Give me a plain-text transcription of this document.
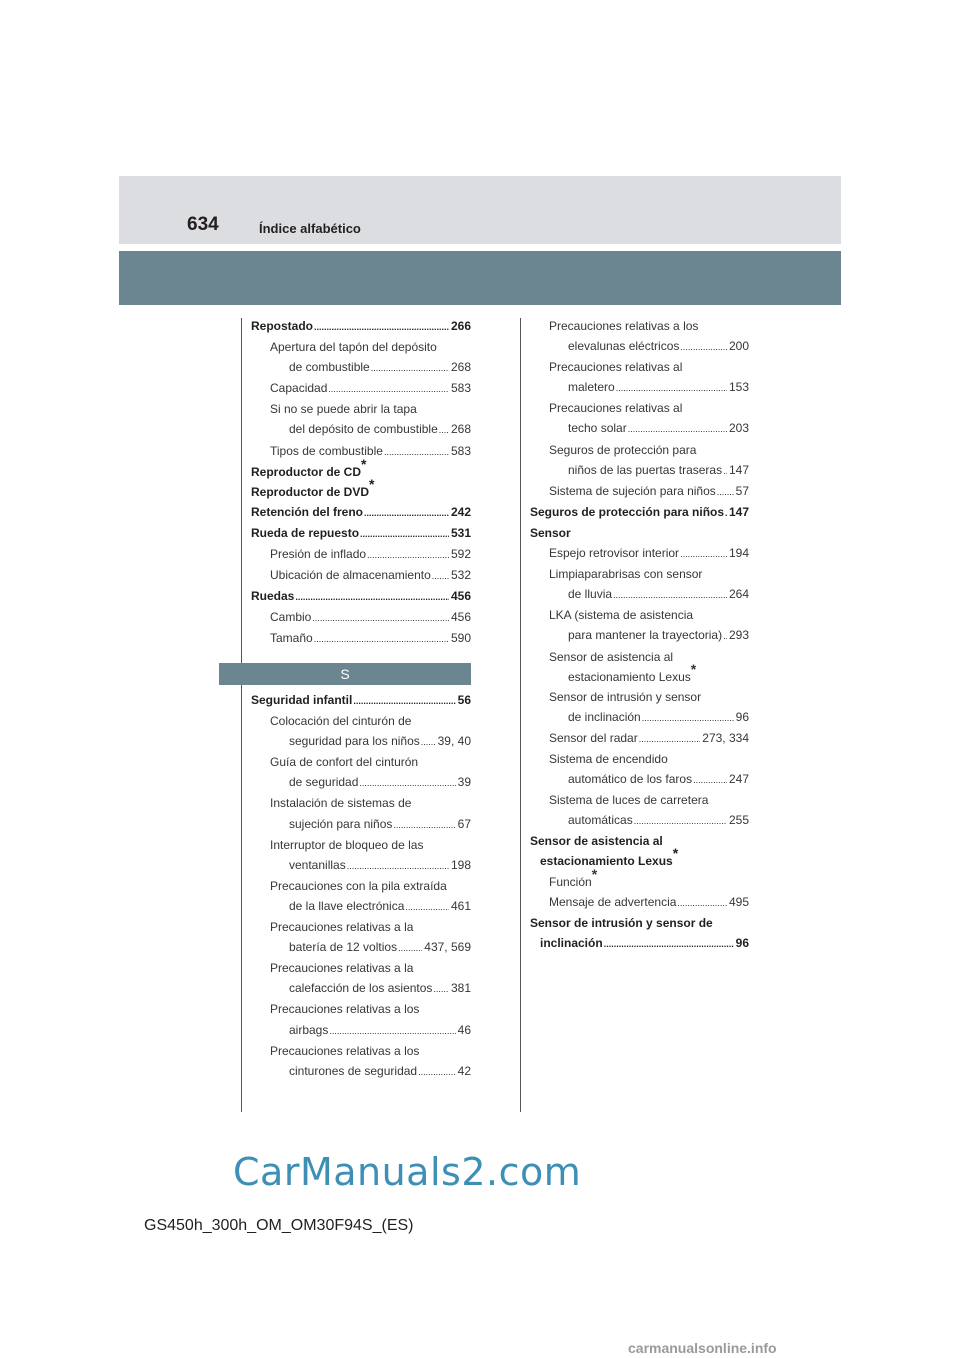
634	Índice alfabético
Repostado .....	266
Apertura del tapón del depósito
de combustible .....	268
Capacidad .....	583
Si no se puede abrir la tapa
del depósito de combustible ..... 268
Tipos de combustible .....	583
Reproductor de CD*
Reproductor de DVD*
Retención del freno .....	242
Rueda de repuesto .....	531
Presión de inflado .....	592
Ubicación de almacenamiento ..... 532
Ruedas .....	456
Cambio .....	456
Tamaño .....	590
S
Seguridad infantil .....	56
Colocación del cinturón de
seguridad para los niños ..... 39, 40
Guía de confort del cinturón
de seguridad .....	39
Instalación de sistemas de
sujeción para niños .....	67
Interruptor de bloqueo de las
ventanillas .....	198
Precauciones con la pila extraída
de la llave electrónica .....	461
Precauciones relativas a la
batería de 12 voltios ..... 437, 569
Precauciones relativas a la
calefacción de los asientos ..... 381
Precauciones relativas a los
airbags .....	46
Precauciones relativas a los
cinturones de seguridad .....	42
Precauciones relativas a los
elevalunas eléctricos .....	200
Precauciones relativas al
maletero .....	153
Precauciones relativas al
techo solar .....	203
Seguros de protección para
niños de las puertas traseras ..... 147
Sistema de sujeción para niños ..... 57
Seguros de protección para niños ..... 147
Sensor
Espejo retrovisor interior .....	194
Limpiaparabrisas con sensor
de lluvia .....	264
LKA (sistema de asistencia
para mantener la trayectoria) ..... 293
Sensor de asistencia al
estacionamiento Lexus*
Sensor de intrusión y sensor
de inclinación .....	96
Sensor del radar .....	273, 334
Sistema de encendido
automático de los faros .....	247
Sistema de luces de carretera
automáticas .....	255
Sensor de asistencia al
estacionamiento Lexus*
Función*
Mensaje de advertencia .....	495
Sensor de intrusión y sensor de
inclinación .....	96
CarManuals2.com
GS450h_300h_OM_OM30F94S_(ES)
carmanualsonline.info
